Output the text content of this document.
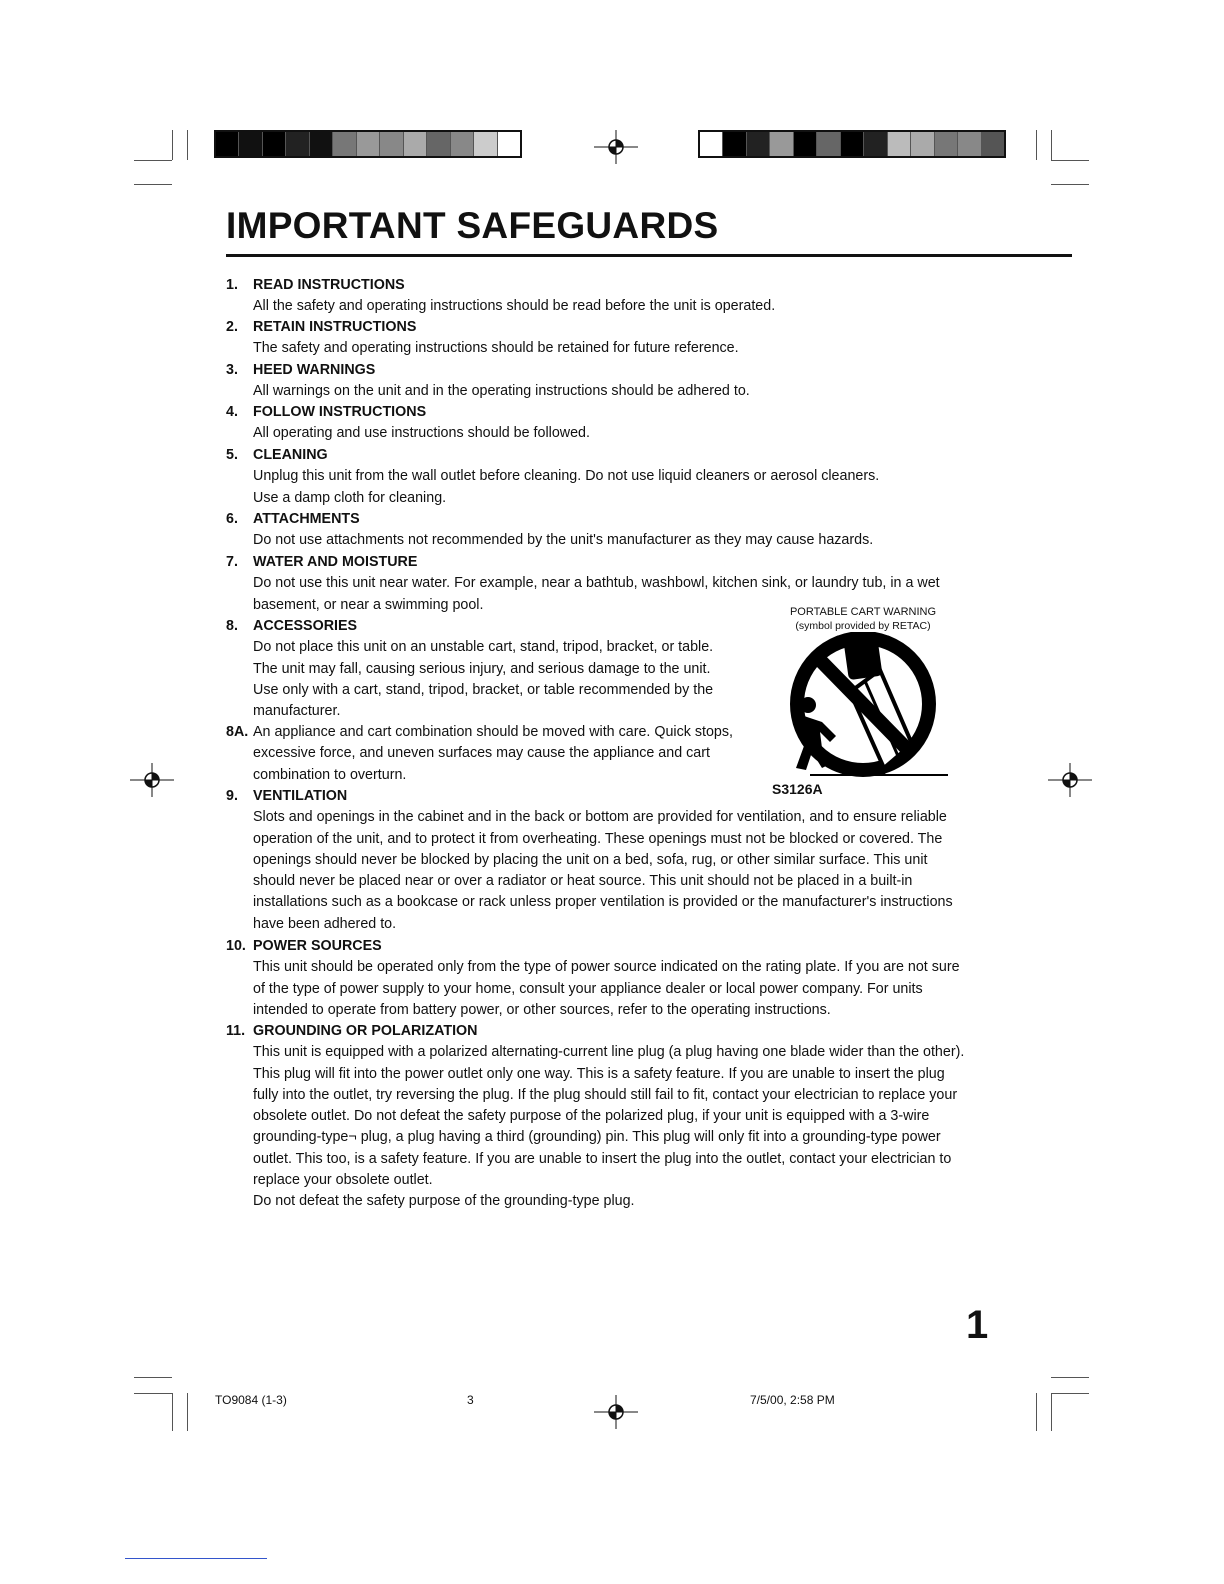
IMPORTANT SAFEGUARDS
1. READ INSTRUCTIONS

All the safety and operating instructions should be read before the unit is operated.

2. RETAIN INSTRUCTIONS

The safety and operating instructions should be retained for future reference.

3. HEED WARNINGS

All warnings on the unit and in the operating instructions should be adhered to.

4. FOLLOW INSTRUCTIONS

All operating and use instructions should be followed.

5. CLEANING

Unplug this unit from the wall outlet before cleaning. Do not use liquid cleaners or aerosol cleaners.

Use a damp cloth for cleaning.

6. ATTACHMENTS

Do not use attachments not recommended by the unit's manufacturer as they may cause hazards.

7. WATER AND MOISTURE

Do not use this unit near water. For example, near a bathtub, washbowl, kitchen sink, or laundry tub, in a wet

basement, or near a swimming pool.

8. ACCESSORIES

Do not place this unit on an unstable cart, stand, tripod, bracket, or table.

The unit may fall, causing serious injury, and serious damage to the unit.

Use only with a cart, stand, tripod, bracket, or table recommended by the

manufacturer.

8A. An appliance and cart combination should be moved with care. Quick stops,

excessive force, and uneven surfaces may cause the appliance and cart

combination to overturn.

9. VENTILATION

Slots and openings in the cabinet and in the back or bottom are provided for ventilation, and to ensure reliable

operation of the unit, and to protect it from overheating. These openings must not be blocked or covered. The

openings should never be blocked by placing the unit on a bed, sofa, rug, or other similar surface. This unit

should never be placed near or over a radiator or heat source. This unit should not be placed in a built-in

installations such as a bookcase or rack unless proper ventilation is provided or the manufacturer's instructions

have been adhered to.

10. POWER SOURCES

This unit should be operated only from the type of power source indicated on the rating plate. If you are not sure

of the type of power supply to your home, consult your appliance dealer or local power company. For units

intended to operate from battery power, or other sources, refer to the operating instructions.

11. GROUNDING OR POLARIZATION

This unit is equipped with a polarized alternating-current line plug (a plug having one blade wider than the other).

This plug will fit into the power outlet only one way. This is a safety feature. If you are unable to insert the plug

fully into the outlet, try reversing the plug. If the plug should still fail to fit, contact your electrician to replace your

obsolete outlet. Do not defeat the safety purpose of the polarized plug, if your unit is equipped with a 3-wire

grounding-type¬ plug, a plug having a third (grounding) pin. This plug will only fit into a grounding-type power

outlet. This too, is a safety feature. If you are unable to insert the plug into the outlet, contact your electrician to

replace your obsolete outlet.

Do not defeat the safety purpose of the grounding-type plug.

PORTABLE CART WARNING
(symbol provided by RETAC)
S3126A
1
TO9084 (1-3)	3	7/5/00, 2:58 PM
